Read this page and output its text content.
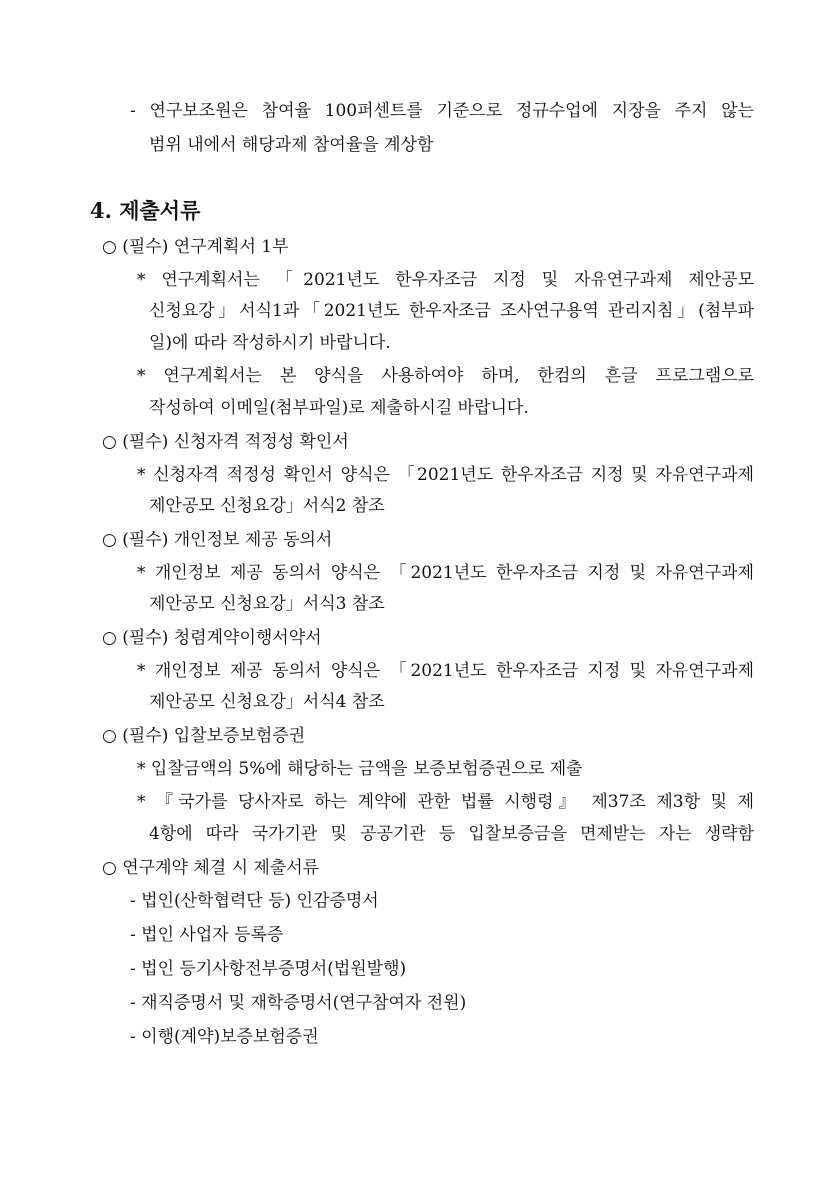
- 연구보조원은 참여율 100퍼센트를 기준으로 정규수업에 지장을 주지 않는
범위 내에서 해당과제 참여율을 계상함
4. 제출서류
○ (필수) 연구계획서 1부
* 연구계획서는 「2021년도 한우자조금 지정 및 자유연구과제 제안공모
신청요강」서식1과「2021년도 한우자조금 조사연구용역 관리지침」(첨부파
일)에 따라 작성하시기 바랍니다.
* 연구계획서는 본 양식을 사용하여야 하며, 한컴의 흔글 프로그램으로
작성하여 이메일(첨부파일)로 제출하시길 바랍니다.
○ (필수) 신청자격 적정성 확인서
* 신청자격 적정성 확인서 양식은 「2021년도 한우자조금 지정 및 자유연구과제
제안공모 신청요강」서식2 참조
○ (필수) 개인정보 제공 동의서
* 개인정보 제공 동의서 양식은 「2021년도 한우자조금 지정 및 자유연구과제
제안공모 신청요강」서식3 참조
○ (필수) 청렴계약이행서약서
* 개인정보 제공 동의서 양식은 「2021년도 한우자조금 지정 및 자유연구과제
제안공모 신청요강」서식4 참조
○ (필수) 입찰보증보험증권
* 입찰금액의 5%에 해당하는 금액을 보증보험증권으로 제출
* 『국가를 당사자로 하는 계약에 관한 법률 시행령』 제37조 제3항 및 제
4항에 따라 국가기관 및 공공기관 등 입찰보증금을 면제받는 자는 생략함
○ 연구계약 체결 시 제출서류
- 법인(산학협력단 등) 인감증명서
- 법인 사업자 등록증
- 법인 등기사항전부증명서(법원발행)
- 재직증명서 및 재학증명서(연구참여자 전원)
- 이행(계약)보증보험증권
